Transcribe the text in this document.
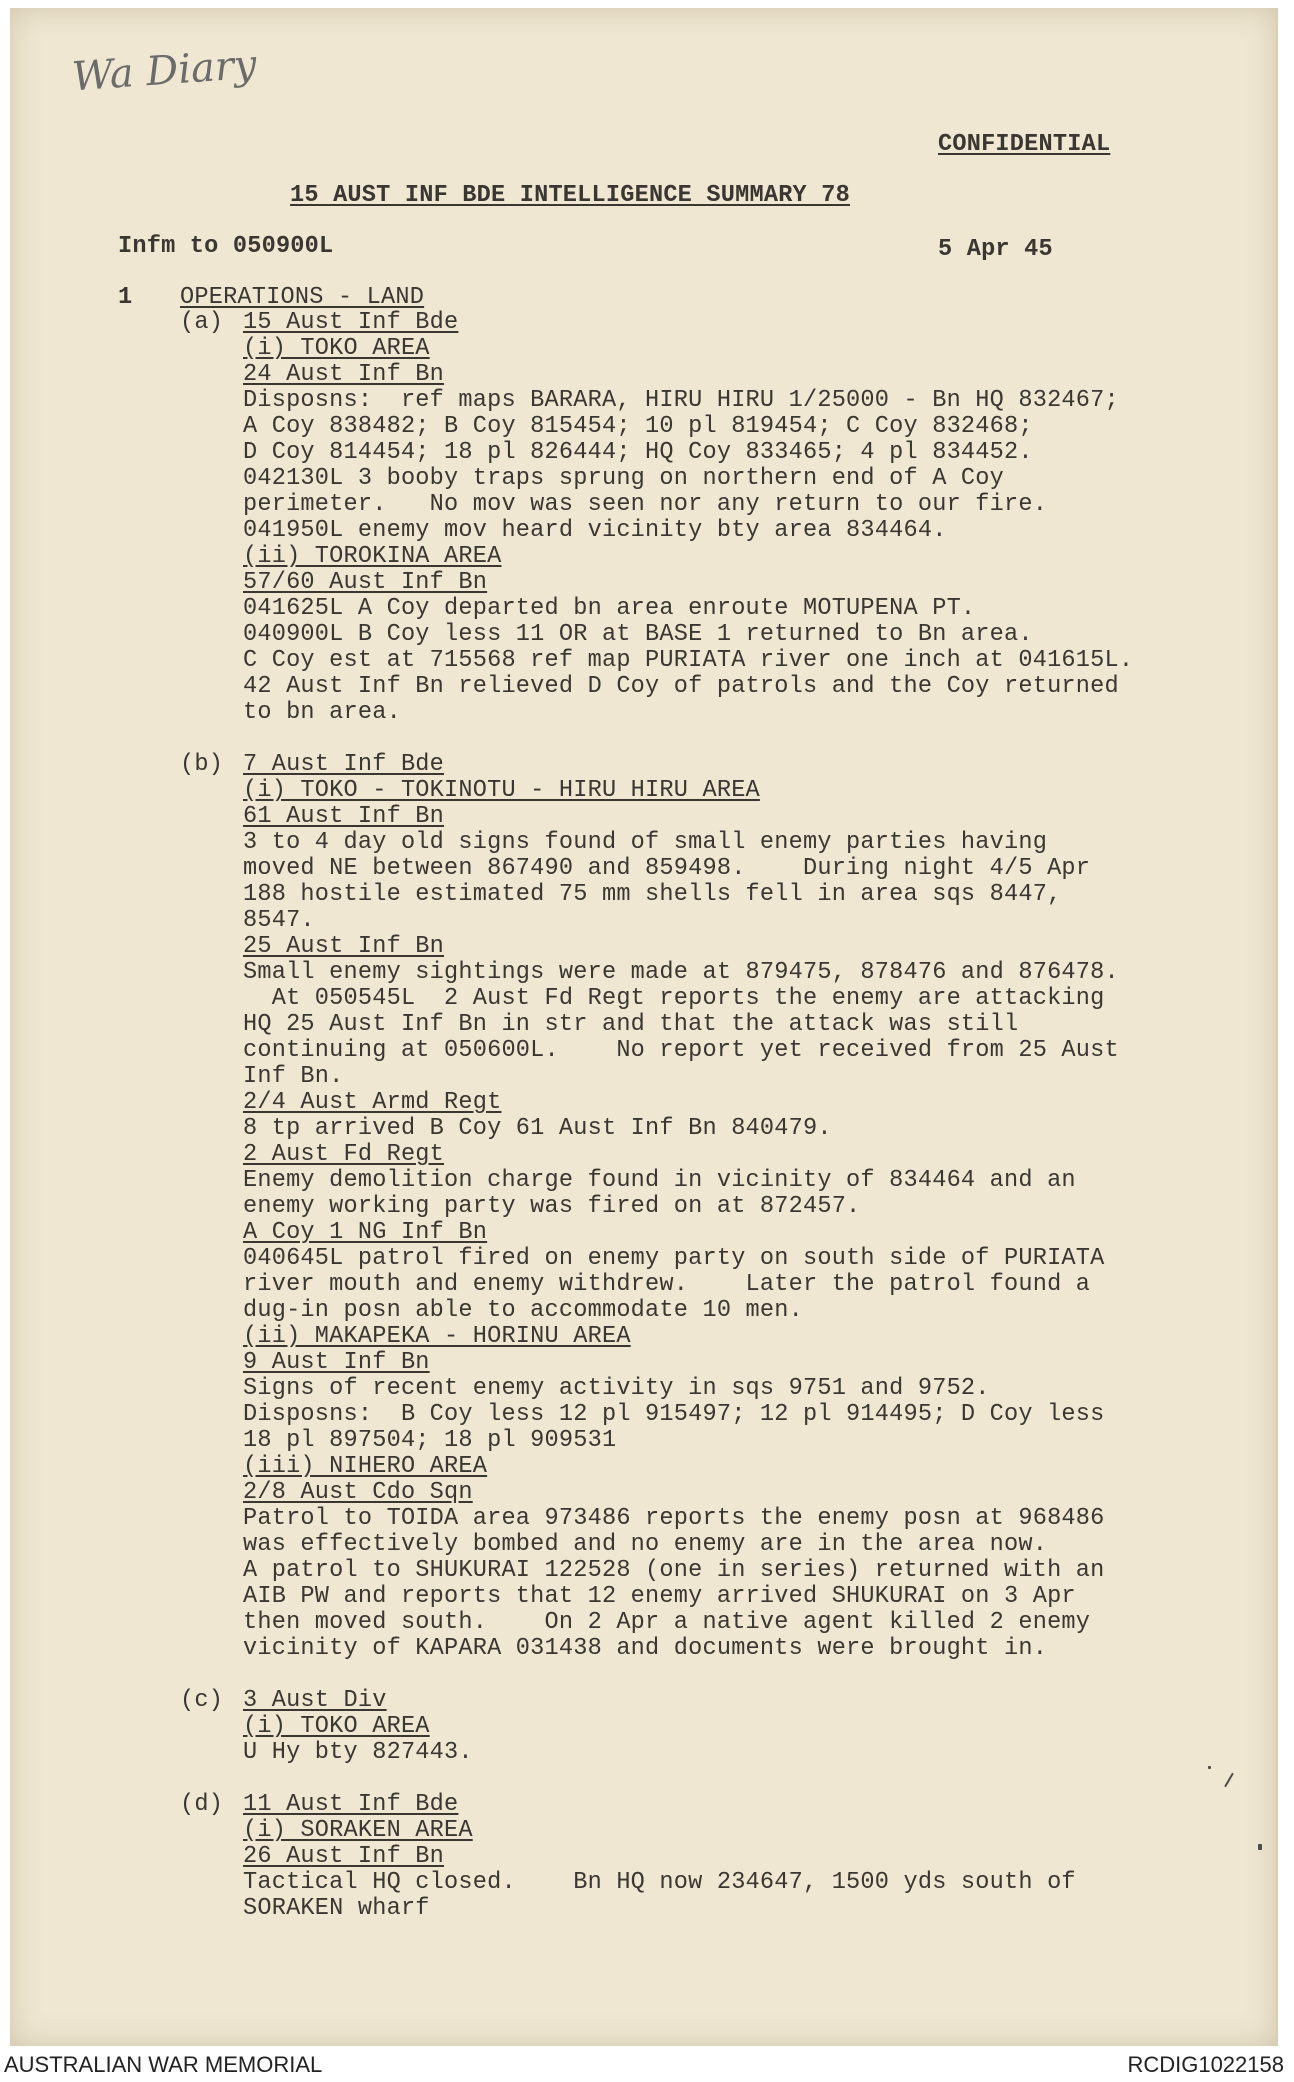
Wa Diary
CONFIDENTIAL
15 AUST INF BDE INTELLIGENCE SUMMARY 78
Infm to 050900L	5 Apr 45
1 OPERATIONS - LAND
(a) 15 Aust Inf Bde
(i) TOKO AREA
24 Aust Inf Bn
Disposns:  ref maps BARARA, HIRU HIRU 1/25000 - Bn HQ 832467;
A Coy 838482; B Coy 815454; 10 pl 819454; C Coy 832468;
D Coy 814454; 18 pl 826444; HQ Coy 833465; 4 pl 834452.
042130L 3 booby traps sprung on northern end of A Coy
perimeter.   No mov was seen nor any return to our fire.
041950L enemy mov heard vicinity bty area 834464.
(ii) TOROKINA AREA
57/60 Aust Inf Bn
041625L A Coy departed bn area enroute MOTUPENA PT.
040900L B Coy less 11 OR at BASE 1 returned to Bn area.
C Coy est at 715568 ref map PURIATA river one inch at 041615L.
42 Aust Inf Bn relieved D Coy of patrols and the Coy returned
to bn area.
(b) 7 Aust Inf Bde
(i) TOKO - TOKINOTU - HIRU HIRU AREA
61 Aust Inf Bn
3 to 4 day old signs found of small enemy parties having
moved NE between 867490 and 859498.    During night 4/5 Apr
188 hostile estimated 75 mm shells fell in area sqs 8447,
8547.
25 Aust Inf Bn
Small enemy sightings were made at 879475, 878476 and 876478.
At 050545L  2 Aust Fd Regt reports the enemy are attacking
HQ 25 Aust Inf Bn in str and that the attack was still
continuing at 050600L.    No report yet received from 25 Aust
Inf Bn.
2/4 Aust Armd Regt
8 tp arrived B Coy 61 Aust Inf Bn 840479.
2 Aust Fd Regt
Enemy demolition charge found in vicinity of 834464 and an
enemy working party was fired on at 872457.
A Coy 1 NG Inf Bn
040645L patrol fired on enemy party on south side of PURIATA
river mouth and enemy withdrew.    Later the patrol found a
dug-in posn able to accommodate 10 men.
(ii) MAKAPEKA - HORINU AREA
9 Aust Inf Bn
Signs of recent enemy activity in sqs 9751 and 9752.
Disposns:  B Coy less 12 pl 915497; 12 pl 914495; D Coy less
18 pl 897504; 18 pl 909531
(iii) NIHERO AREA
2/8 Aust Cdo Sqn
Patrol to TOIDA area 973486 reports the enemy posn at 968486
was effectively bombed and no enemy are in the area now.
A patrol to SHUKURAI 122528 (one in series) returned with an
AIB PW and reports that 12 enemy arrived SHUKURAI on 3 Apr
then moved south.    On 2 Apr a native agent killed 2 enemy
vicinity of KAPARA 031438 and documents were brought in.
(c) 3 Aust Div
(i) TOKO AREA
U Hy bty 827443.
(d) 11 Aust Inf Bde
(i) SORAKEN AREA
26 Aust Inf Bn
Tactical HQ closed.    Bn HQ now 234647, 1500 yds south of
SORAKEN wharf
AUSTRALIAN WAR MEMORIAL	RCDIG1022158
